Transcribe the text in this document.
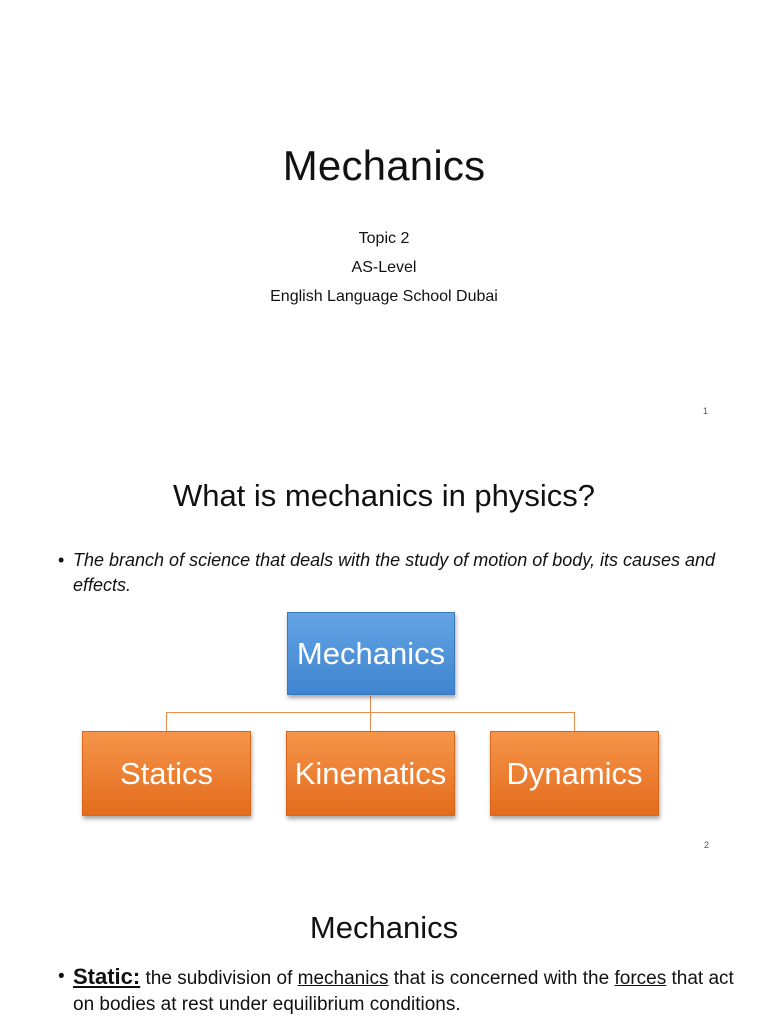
Mechanics
Topic 2
AS-Level
English Language School Dubai
1
What is mechanics in physics?
• The branch of science that deals with the study of motion of body, its causes and effects.
Mechanics
Statics	Kinematics	Dynamics
2
Mechanics
• Static: the subdivision of mechanics that is concerned with the forces that act on bodies at rest under equilibrium conditions.
